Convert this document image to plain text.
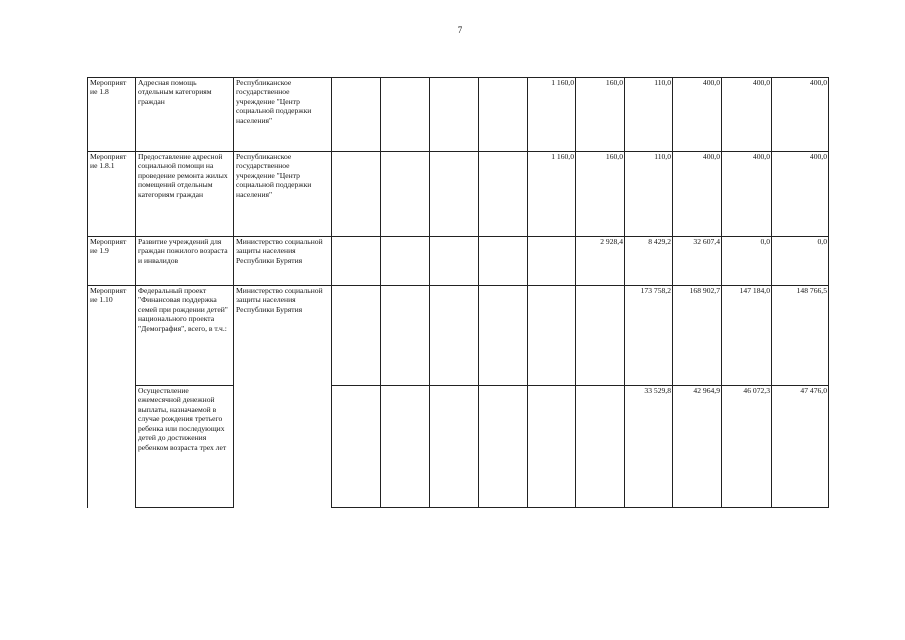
7
Мероприят ие 1.8	Адресная помощь отдельным категориям граждан	Республиканское государственное учреждение "Центр социальной поддержки населения"					1 160,0	160,0	110,0	400,0	400,0	400,0
Мероприят ие 1.8.1	Предоставление адресной социальной помощи на проведение ремонта жилых помещений отдельным категориям граждан	Республиканское государственное учреждение "Центр социальной поддержки населения"					1 160,0	160,0	110,0	400,0	400,0	400,0
Мероприят ие 1.9	Развитие учреждений для граждан пожилого возраста и инвалидов	Министерство социальной защиты населения Республики Бурятия						2 928,4	8 429,2	32 607,4	0,0	0,0
Мероприят ие 1.10	Федеральный проект "Финансовая поддержка семей при рождении детей" национального проекта "Демография", всего, в т.ч.:	Министерство социальной защиты населения Республики Бурятия							173 758,2	168 902,7	147 184,0	148 766,5
	Осуществление ежемесячной денежной выплаты, назначаемой в случае рождения третьего ребенка или последующих детей до достижения ребенком возраста трех лет								33 529,8	42 964,9	46 072,3	47 476,0
